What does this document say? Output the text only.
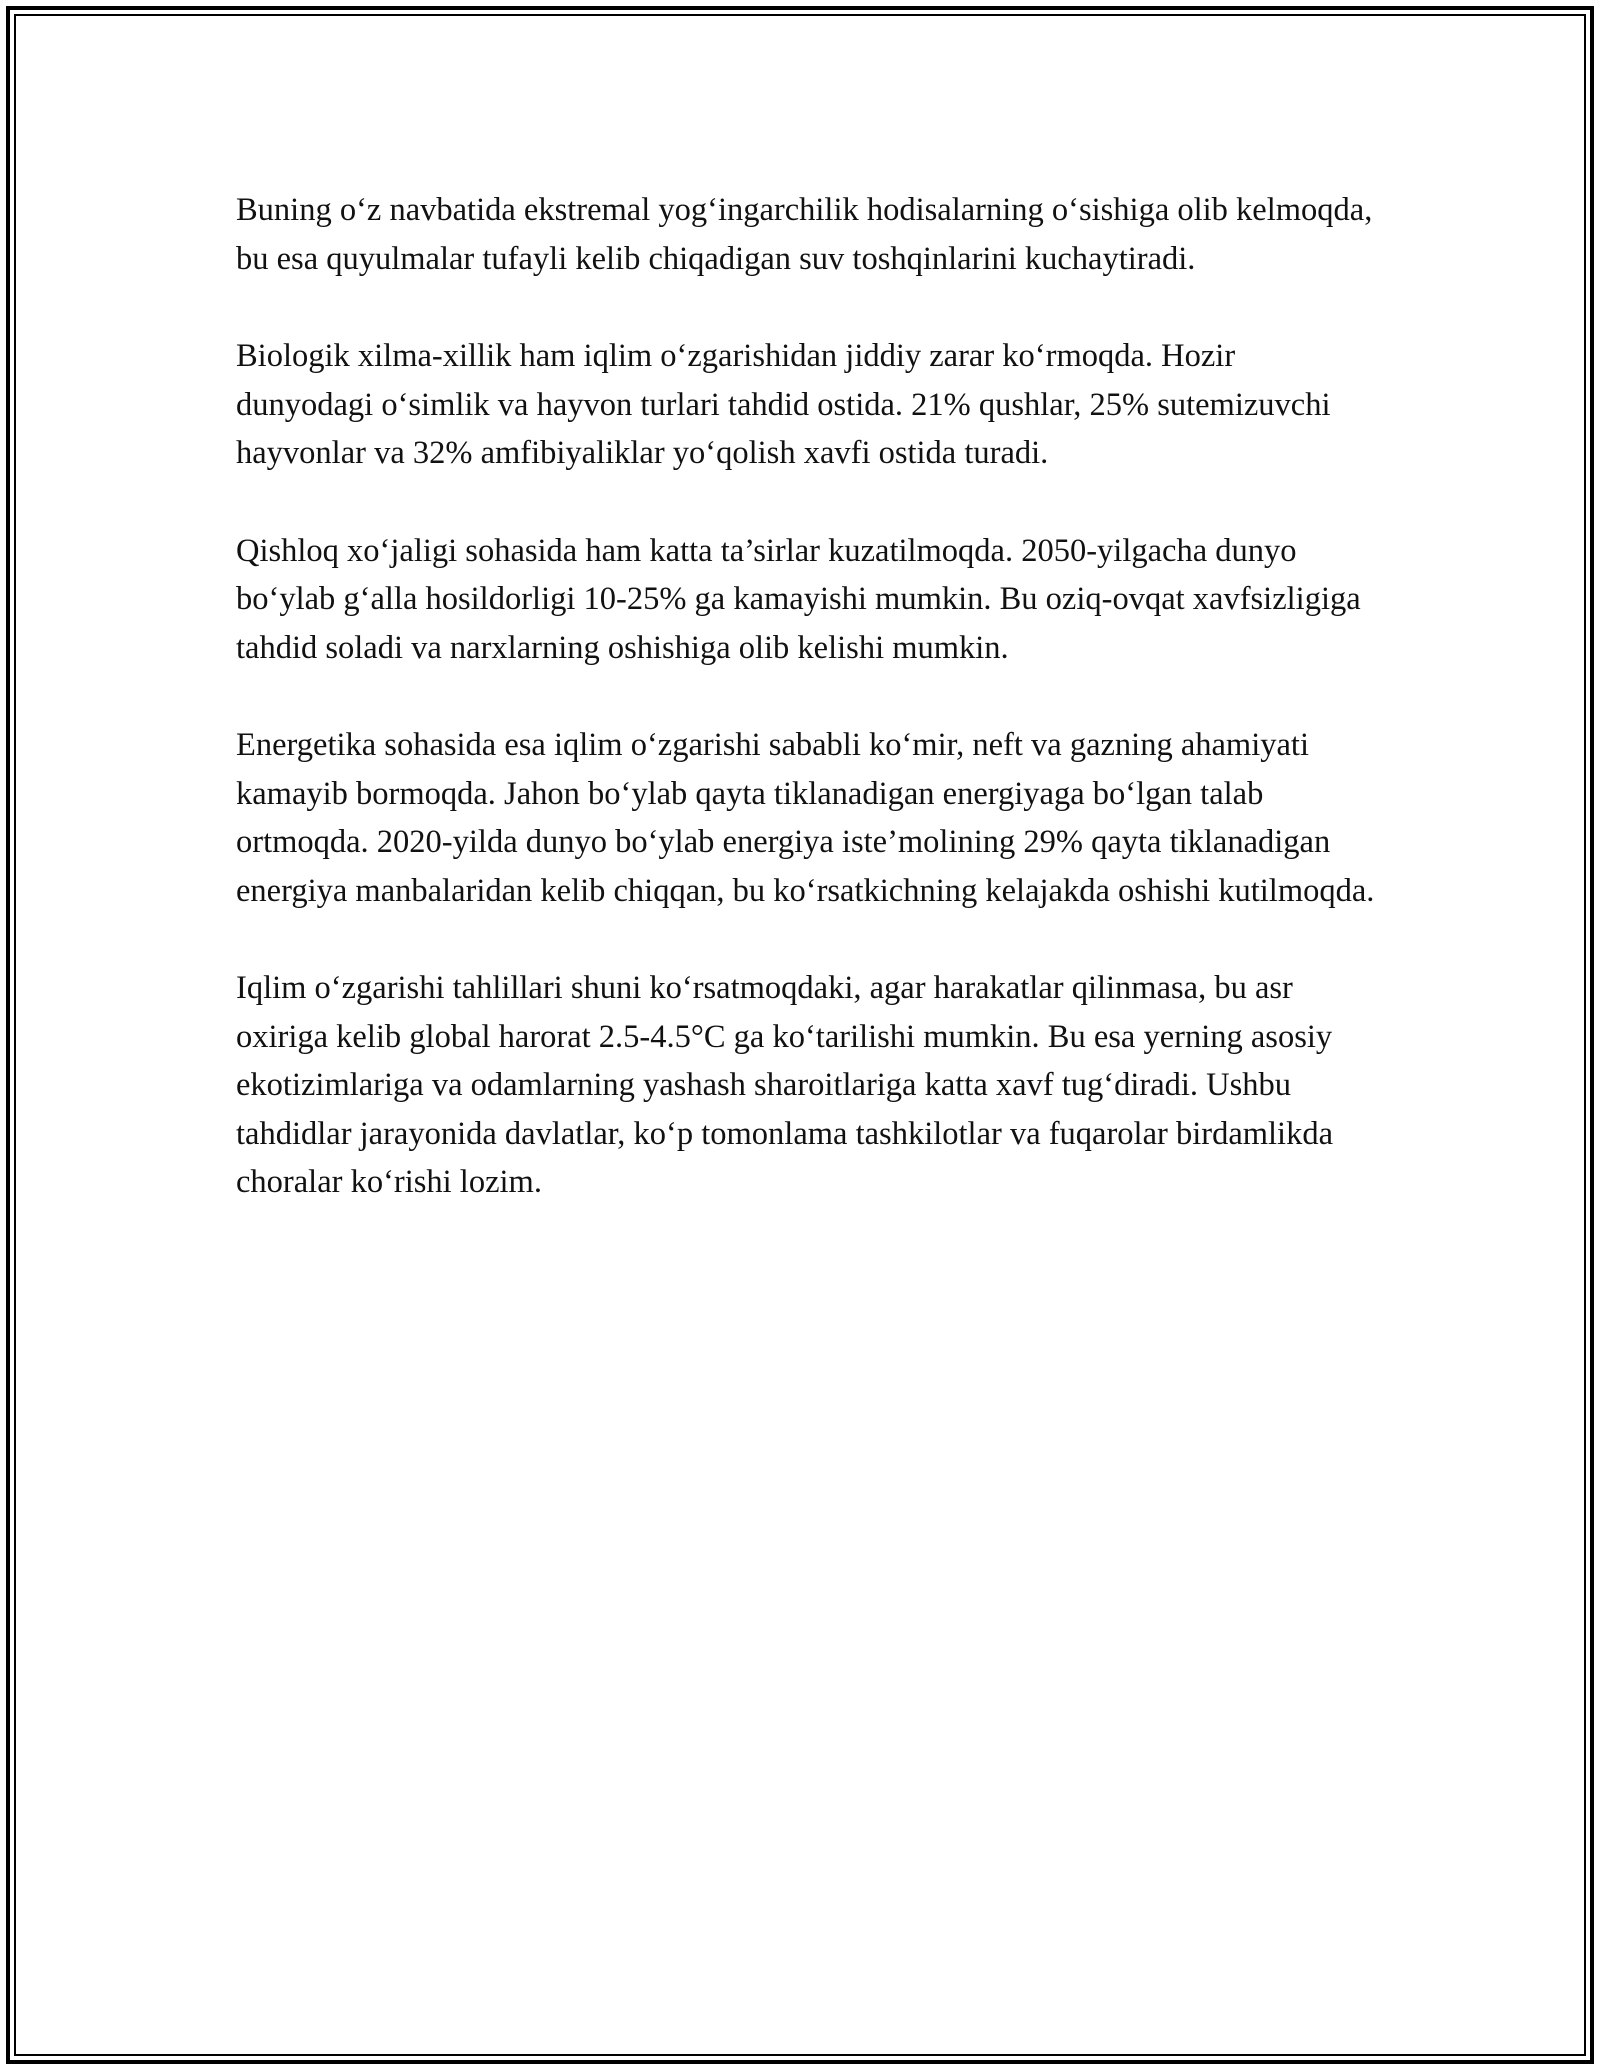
Buning o‘z navbatida ekstremal yog‘ingarchilik hodisalarning o‘sishiga olib kelmoqda, bu esa quyulmalar tufayli kelib chiqadigan suv toshqinlarini kuchaytiradi.

Biologik xilma-xillik ham iqlim o‘zgarishidan jiddiy zarar ko‘rmoqda. Hozir dunyodagi o‘simlik va hayvon turlari tahdid ostida. 21% qushlar, 25% sutemizuvchi hayvonlar va 32% amfibiyaliklar yo‘qolish xavfi ostida turadi.

Qishloq xo‘jaligi sohasida ham katta ta’sirlar kuzatilmoqda. 2050-yilgacha dunyo bo‘ylab g‘alla hosildorligi 10-25% ga kamayishi mumkin. Bu oziq-ovqat xavfsizligiga tahdid soladi va narxlarning oshishiga olib kelishi mumkin.

Energetika sohasida esa iqlim o‘zgarishi sababli ko‘mir, neft va gazning ahamiyati kamayib bormoqda. Jahon bo‘ylab qayta tiklanadigan energiyaga bo‘lgan talab ortmoqda. 2020-yilda dunyo bo‘ylab energiya iste’molining 29% qayta tiklanadigan energiya manbalaridan kelib chiqqan, bu ko‘rsatkichning kelajakda oshishi kutilmoqda.

Iqlim o‘zgarishi tahlillari shuni ko‘rsatmoqdaki, agar harakatlar qilinmasa, bu asr oxiriga kelib global harorat 2.5-4.5°C ga ko‘tarilishi mumkin. Bu esa yerning asosiy ekotizimlariga va odamlarning yashash sharoitlariga katta xavf tug‘diradi. Ushbu tahdidlar jarayonida davlatlar, ko‘p tomonlama tashkilotlar va fuqarolar birdamlikda choralar ko‘rishi lozim.
